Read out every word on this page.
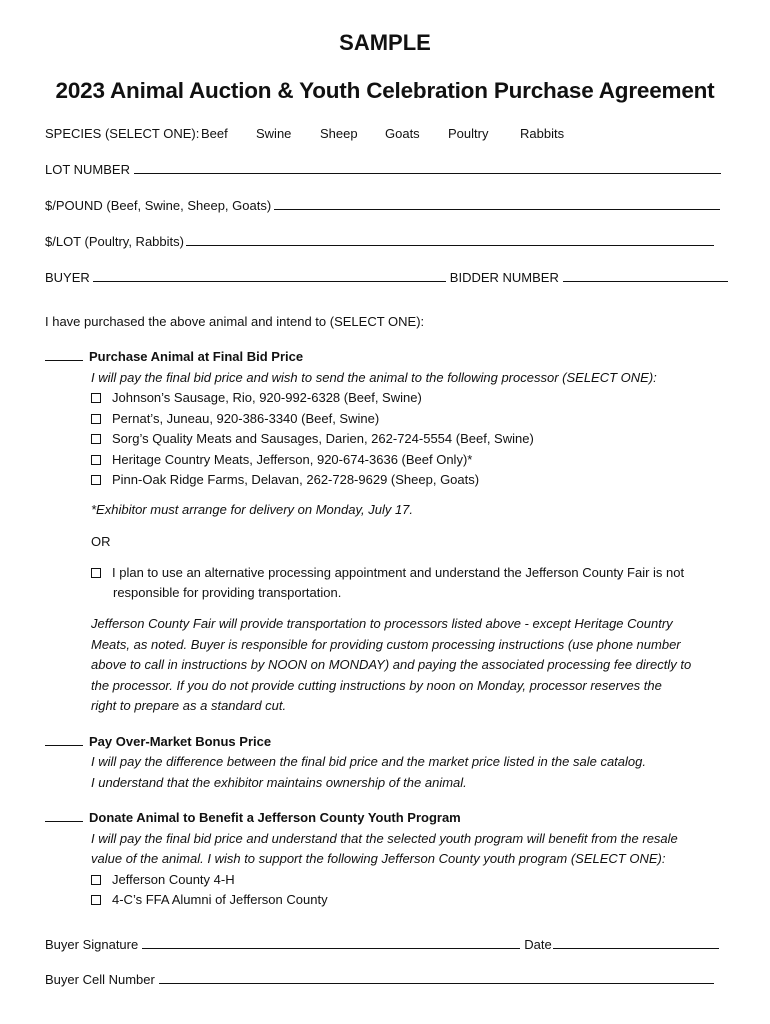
SAMPLE
2023 Animal Auction & Youth Celebration Purchase Agreement
SPECIES (SELECT ONE): Beef Swine Sheep Goats Poultry Rabbits
LOT NUMBER
$/POUND (Beef, Swine, Sheep, Goats)
$/LOT (Poultry, Rabbits)
BUYER	BIDDER NUMBER
I have purchased the above animal and intend to (SELECT ONE):
Purchase Animal at Final Bid Price
I will pay the final bid price and wish to send the animal to the following processor (SELECT ONE):
Johnson’s Sausage, Rio, 920-992-6328 (Beef, Swine)
Pernat’s, Juneau, 920-386-3340 (Beef, Swine)
Sorg’s Quality Meats and Sausages, Darien, 262-724-5554 (Beef, Swine)
Heritage Country Meats, Jefferson, 920-674-3636 (Beef Only)*
Pinn-Oak Ridge Farms, Delavan, 262-728-9629 (Sheep, Goats)
*Exhibitor must arrange for delivery on Monday, July 17.
OR
I plan to use an alternative processing appointment and understand the Jefferson County Fair is not
responsible for providing transportation.
Jefferson County Fair will provide transportation to processors listed above - except Heritage Country
Meats, as noted. Buyer is responsible for providing custom processing instructions (use phone number
above to call in instructions by NOON on MONDAY) and paying the associated processing fee directly to
the processor. If you do not provide cutting instructions by noon on Monday, processor reserves the
right to prepare as a standard cut.
Pay Over-Market Bonus Price
I will pay the difference between the final bid price and the market price listed in the sale catalog.
I understand that the exhibitor maintains ownership of the animal.
Donate Animal to Benefit a Jefferson County Youth Program
I will pay the final bid price and understand that the selected youth program will benefit from the resale
value of the animal. I wish to support the following Jefferson County youth program (SELECT ONE):
Jefferson County 4-H
4-C’s FFA Alumni of Jefferson County
Buyer Signature	Date
Buyer Cell Number
